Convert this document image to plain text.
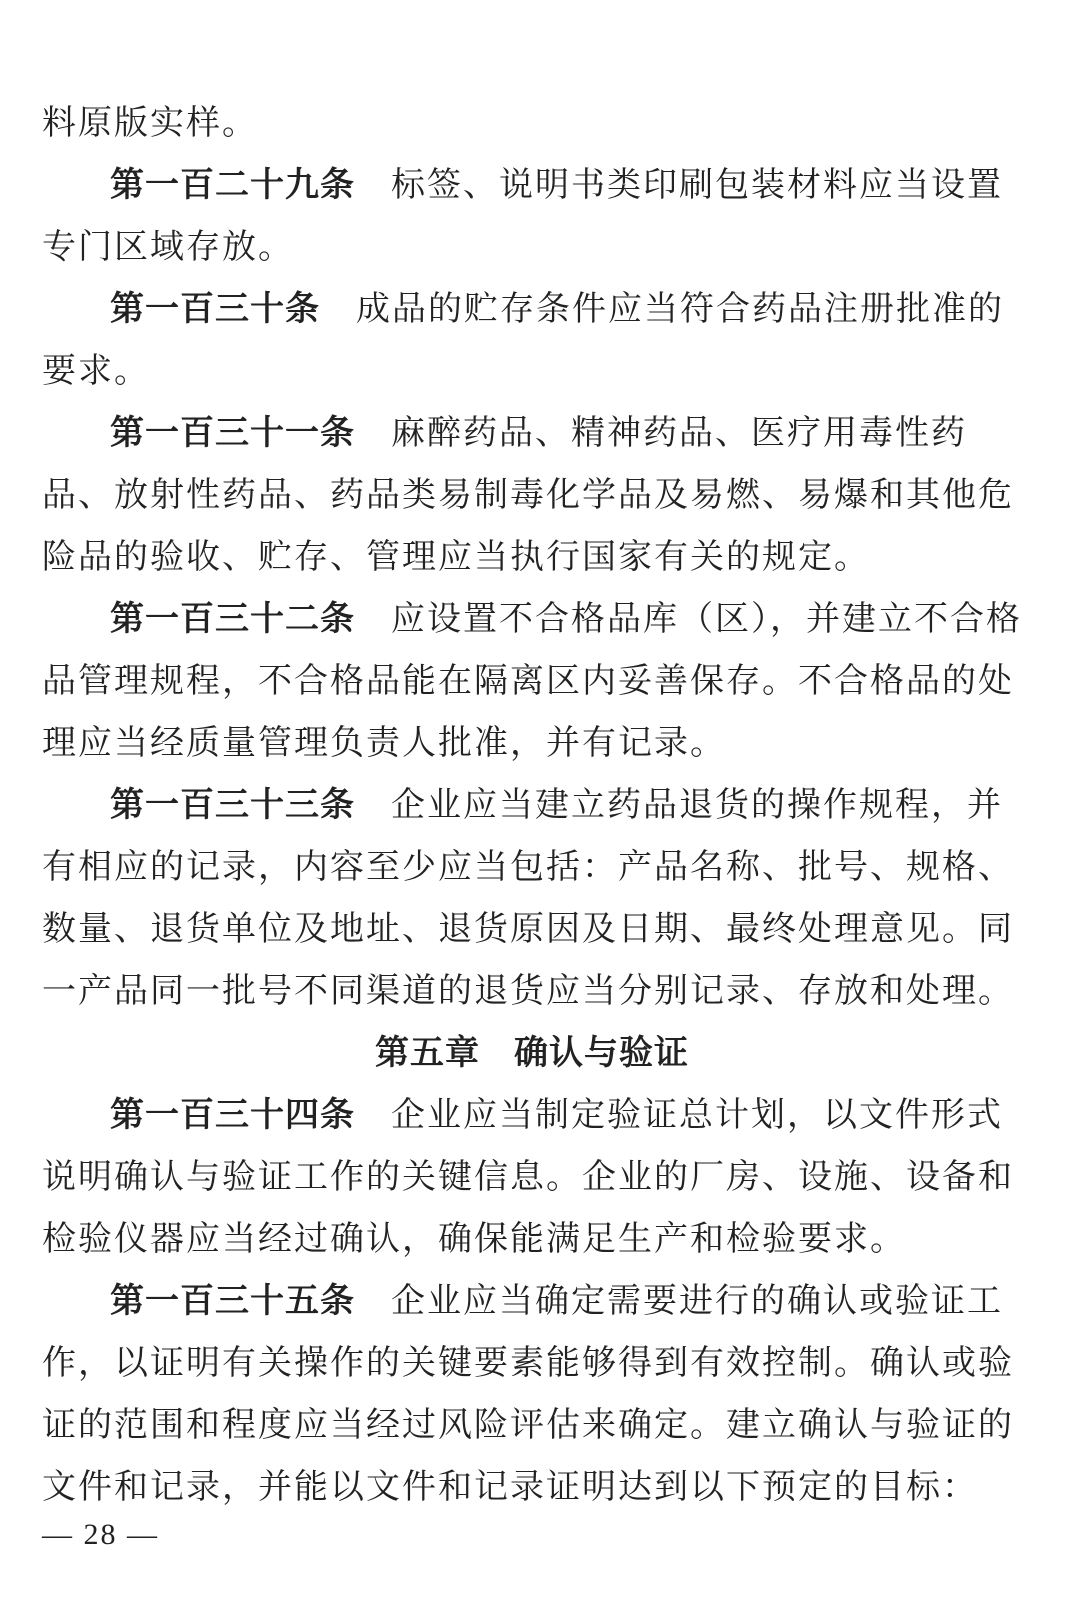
料原版实样。

第一百二十九条 标签、说明书类印刷包装材料应当设置专门区域存放。

第一百三十条 成品的贮存条件应当符合药品注册批准的要求。

第一百三十一条 麻醉药品、精神药品、医疗用毒性药品、放射性药品、药品类易制毒化学品及易燃、易爆和其他危险品的验收、贮存、管理应当执行国家有关的规定。

第一百三十二条 应设置不合格品库（区），并建立不合格品管理规程，不合格品能在隔离区内妥善保存。不合格品的处理应当经质量管理负责人批准，并有记录。

第一百三十三条 企业应当建立药品退货的操作规程，并有相应的记录，内容至少应当包括：产品名称、批号、规格、数量、退货单位及地址、退货原因及日期、最终处理意见。同一产品同一批号不同渠道的退货应当分别记录、存放和处理。

第五章 确认与验证

第一百三十四条 企业应当制定验证总计划，以文件形式说明确认与验证工作的关键信息。企业的厂房、设施、设备和检验仪器应当经过确认，确保能满足生产和检验要求。

第一百三十五条 企业应当确定需要进行的确认或验证工作，以证明有关操作的关键要素能够得到有效控制。确认或验证的范围和程度应当经过风险评估来确定。建立确认与验证的文件和记录，并能以文件和记录证明达到以下预定的目标：

— 28 —
